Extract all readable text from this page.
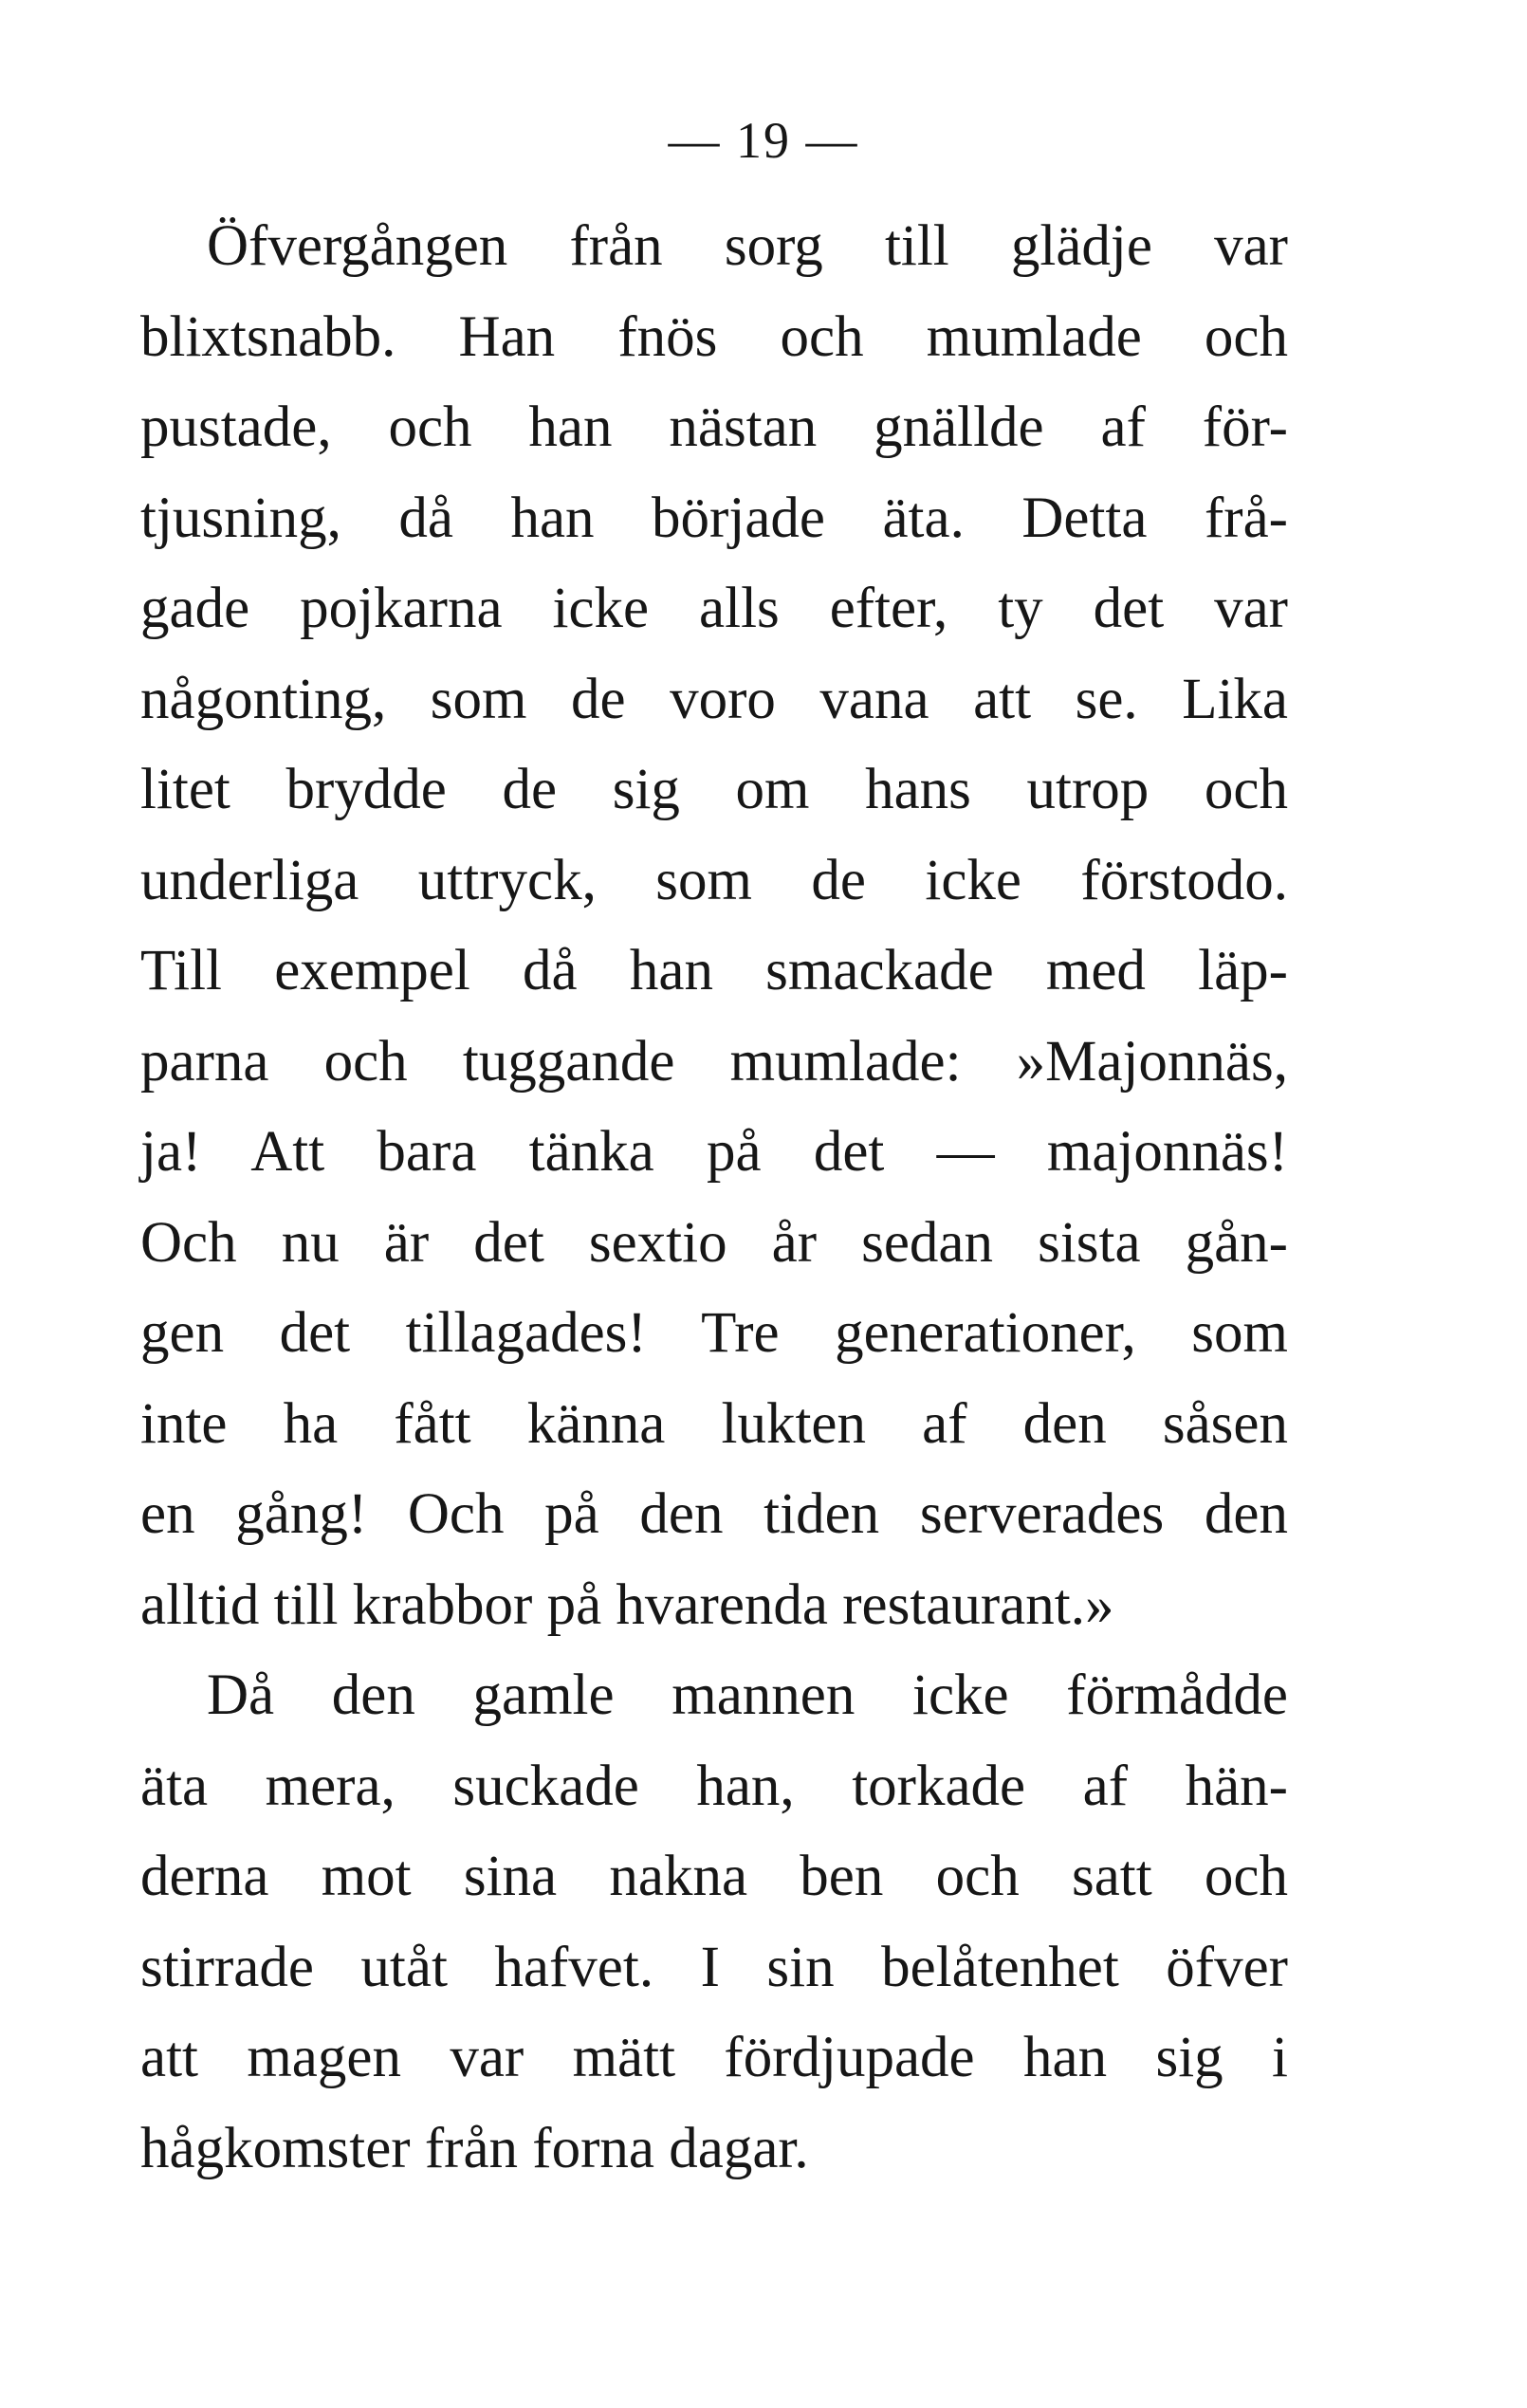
— 19 —
Öfvergången från sorg till glädje var
blixtsnabb. Han fnös och mumlade och
pustade, och han nästan gnällde af för-
tjusning, då han började äta. Detta frå-
gade pojkarna icke alls efter, ty det var
någonting, som de voro vana att se. Lika
litet brydde de sig om hans utrop och
underliga uttryck, som de icke förstodo.
Till exempel då han smackade med läp-
parna och tuggande mumlade: »Majonnäs,
ja! Att bara tänka på det — majonnäs!
Och nu är det sextio år sedan sista gån-
gen det tillagades! Tre generationer, som
inte ha fått känna lukten af den såsen
en gång! Och på den tiden serverades den
alltid till krabbor på hvarenda restaurant.»
Då den gamle mannen icke förmådde
äta mera, suckade han, torkade af hän-
derna mot sina nakna ben och satt och
stirrade utåt hafvet. I sin belåtenhet öfver
att magen var mätt fördjupade han sig i
hågkomster från forna dagar.
